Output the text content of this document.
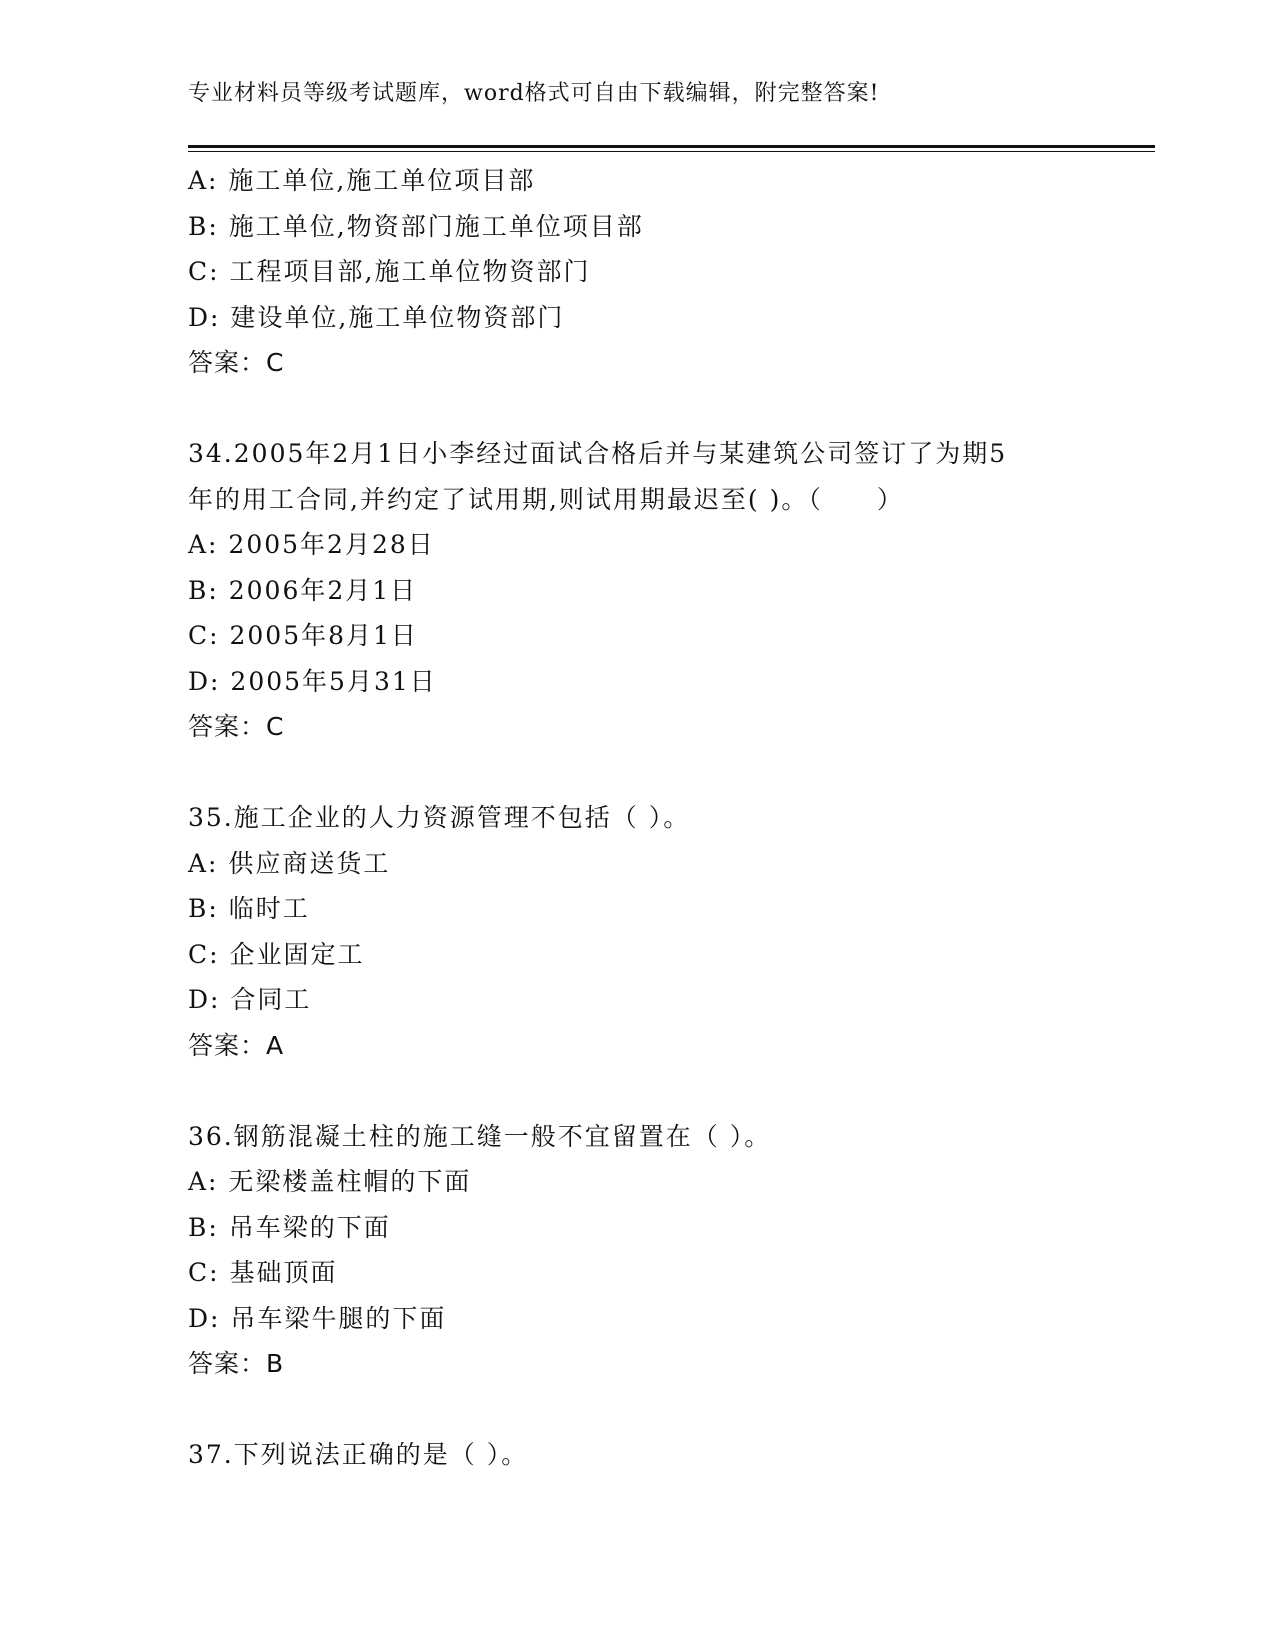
专业材料员等级考试题库，word格式可自由下载编辑，附完整答案!
A: 施工单位,施工单位项目部
B: 施工单位,物资部门施工单位项目部
C: 工程项目部,施工单位物资部门
D: 建设单位,施工单位物资部门
答案：C
34.2005年2月1日小李经过面试合格后并与某建筑公司签订了为期5
年的用工合同,并约定了试用期,则试用期最迟至( )。（　　）
A: 2005年2月28日
B: 2006年2月1日
C: 2005年8月1日
D: 2005年5月31日
答案：C
35.施工企业的人力资源管理不包括（ ）。
A: 供应商送货工
B: 临时工
C: 企业固定工
D: 合同工
答案：A
36.钢筋混凝土柱的施工缝一般不宜留置在（ ）。
A: 无梁楼盖柱帽的下面
B: 吊车梁的下面
C: 基础顶面
D: 吊车梁牛腿的下面
答案：B
37.下列说法正确的是（ ）。
